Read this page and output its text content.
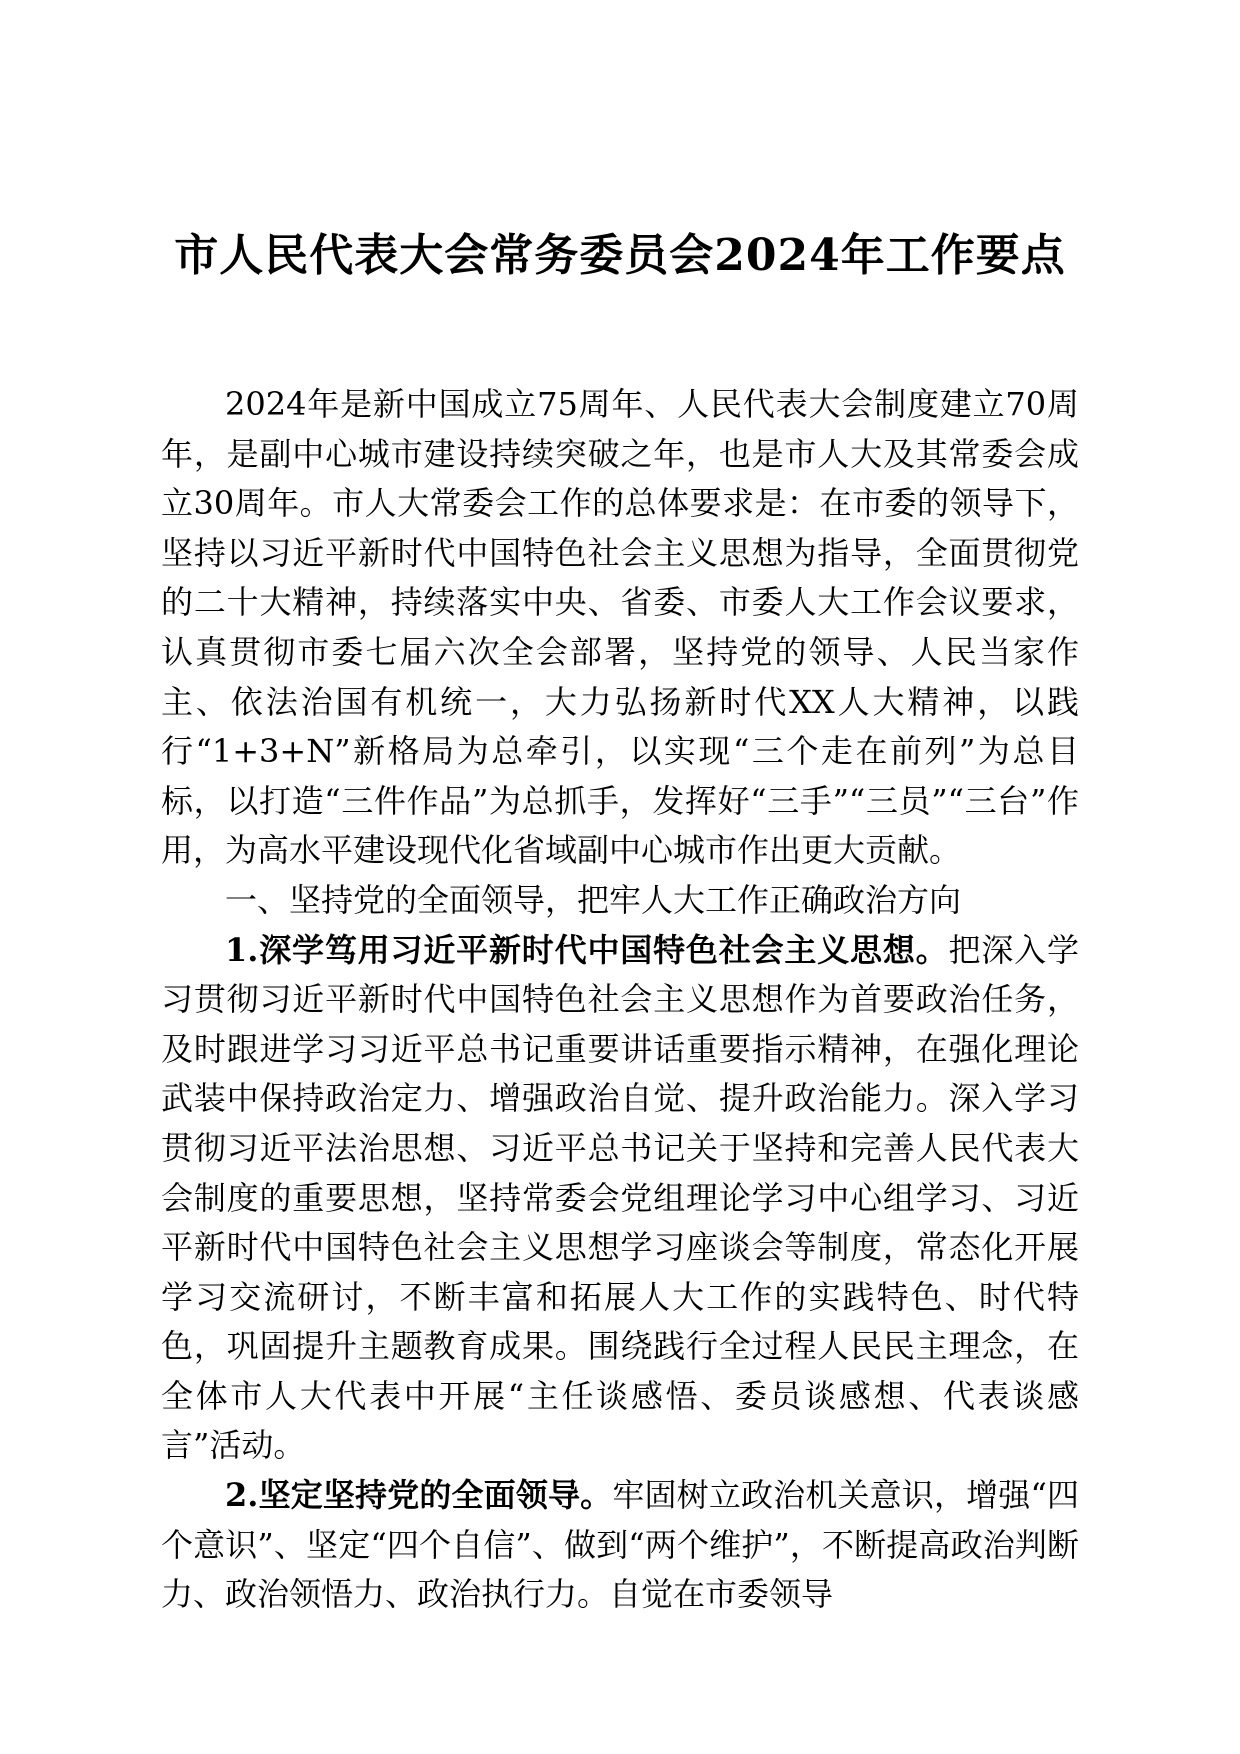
市人民代表大会常务委员会2024年工作要点

2024年是新中国成立75周年、人民代表大会制度建立70周年，是副中心城市建设持续突破之年，也是市人大及其常委会成立30周年。市人大常委会工作的总体要求是：在市委的领导下，坚持以习近平新时代中国特色社会主义思想为指导，全面贯彻党的二十大精神，持续落实中央、省委、市委人大工作会议要求，认真贯彻市委七届六次全会部署，坚持党的领导、人民当家作主、依法治国有机统一，大力弘扬新时代XX人大精神，以践行“1+3+N”新格局为总牵引，以实现“三个走在前列”为总目标，以打造“三件作品”为总抓手，发挥好“三手”“三员”“三台”作用，为高水平建设现代化省域副中心城市作出更大贡献。

一、坚持党的全面领导，把牢人大工作正确政治方向

1.深学笃用习近平新时代中国特色社会主义思想。把深入学习贯彻习近平新时代中国特色社会主义思想作为首要政治任务，及时跟进学习习近平总书记重要讲话重要指示精神，在强化理论武装中保持政治定力、增强政治自觉、提升政治能力。深入学习贯彻习近平法治思想、习近平总书记关于坚持和完善人民代表大会制度的重要思想，坚持常委会党组理论学习中心组学习、习近平新时代中国特色社会主义思想学习座谈会等制度，常态化开展学习交流研讨，不断丰富和拓展人大工作的实践特色、时代特色，巩固提升主题教育成果。围绕践行全过程人民民主理念，在全体市人大代表中开展“主任谈感悟、委员谈感想、代表谈感言”活动。

2.坚定坚持党的全面领导。牢固树立政治机关意识，增强“四个意识”、坚定“四个自信”、做到“两个维护”，不断提高政治判断力、政治领悟力、政治执行力。自觉在市委领导
